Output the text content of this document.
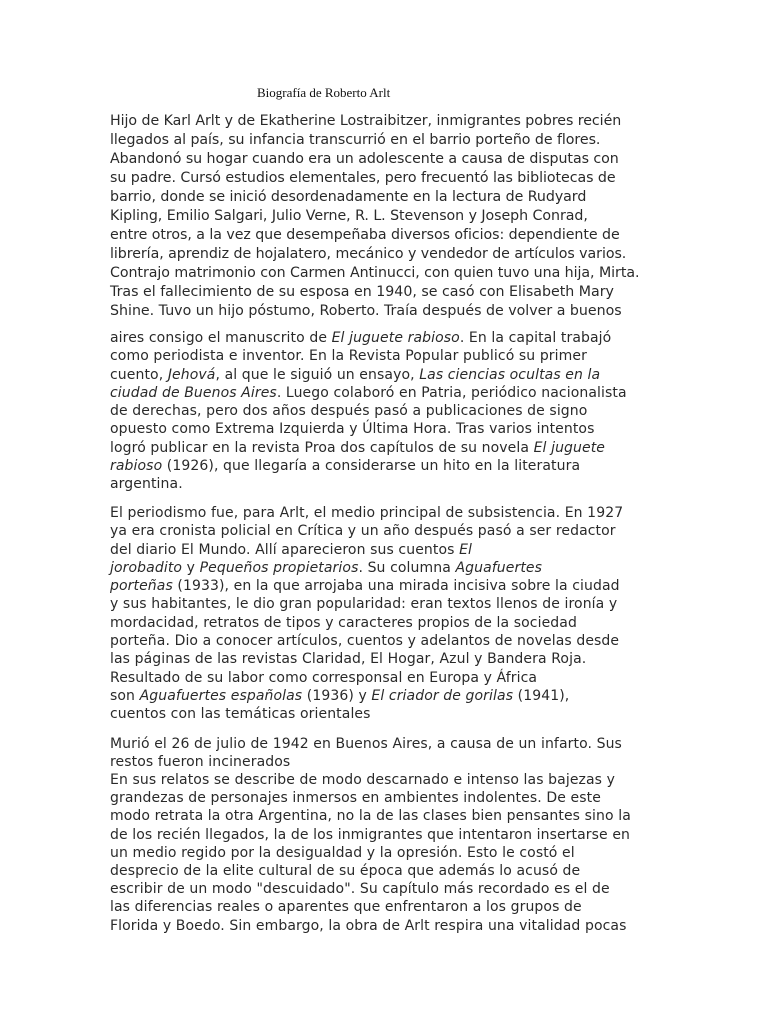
Biografía de Roberto Arlt
Hijo de Karl Arlt y de Ekatherine Lostraibitzer, inmigrantes pobres recién
llegados al país, su infancia transcurrió en el barrio porteño de flores.
Abandonó su hogar cuando era un adolescente a causa de disputas con
su padre. Cursó estudios elementales, pero frecuentó las bibliotecas de
barrio, donde se inició desordenadamente en la lectura de Rudyard
Kipling, Emilio Salgari, Julio Verne, R. L. Stevenson y Joseph Conrad,
entre otros, a la vez que desempeñaba diversos oficios: dependiente de
librería, aprendiz de hojalatero, mecánico y vendedor de artículos varios.
Contrajo matrimonio con Carmen Antinucci, con quien tuvo una hija, Mirta.
Tras el fallecimiento de su esposa en 1940, se casó con Elisabeth Mary
Shine. Tuvo un hijo póstumo, Roberto. Traía después de volver a buenos
aires consigo el manuscrito de El juguete rabioso. En la capital trabajó
como periodista e inventor. En la Revista Popular publicó su primer
cuento, Jehová, al que le siguió un ensayo, Las ciencias ocultas en la
ciudad de Buenos Aires. Luego colaboró en Patria, periódico nacionalista
de derechas, pero dos años después pasó a publicaciones de signo
opuesto como Extrema Izquierda y Última Hora. Tras varios intentos
logró publicar en la revista Proa dos capítulos de su novela El juguete
rabioso (1926), que llegaría a considerarse un hito en la literatura
argentina.
El periodismo fue, para Arlt, el medio principal de subsistencia. En 1927
ya era cronista policial en Crítica y un año después pasó a ser redactor
del diario El Mundo. Allí aparecieron sus cuentos El
jorobadito y Pequeños propietarios. Su columna Aguafuertes
porteñas (1933), en la que arrojaba una mirada incisiva sobre la ciudad
y sus habitantes, le dio gran popularidad: eran textos llenos de ironía y
mordacidad, retratos de tipos y caracteres propios de la sociedad
porteña. Dio a conocer artículos, cuentos y adelantos de novelas desde
las páginas de las revistas Claridad, El Hogar, Azul y Bandera Roja.
Resultado de su labor como corresponsal en Europa y África
son Aguafuertes españolas (1936) y El criador de gorilas (1941),
cuentos con las temáticas orientales
Murió el 26 de julio de 1942 en Buenos Aires, a causa de un infarto. Sus
restos fueron incinerados
En sus relatos se describe de modo descarnado e intenso las bajezas y
grandezas de personajes inmersos en ambientes indolentes. De este
modo retrata la otra Argentina, no la de las clases bien pensantes sino la
de los recién llegados, la de los inmigrantes que intentaron insertarse en
un medio regido por la desigualdad y la opresión. Esto le costó el
desprecio de la elite cultural de su época que además lo acusó de
escribir de un modo "descuidado". Su capítulo más recordado es el de
las diferencias reales o aparentes que enfrentaron a los grupos de
Florida y Boedo. Sin embargo, la obra de Arlt respira una vitalidad pocas
